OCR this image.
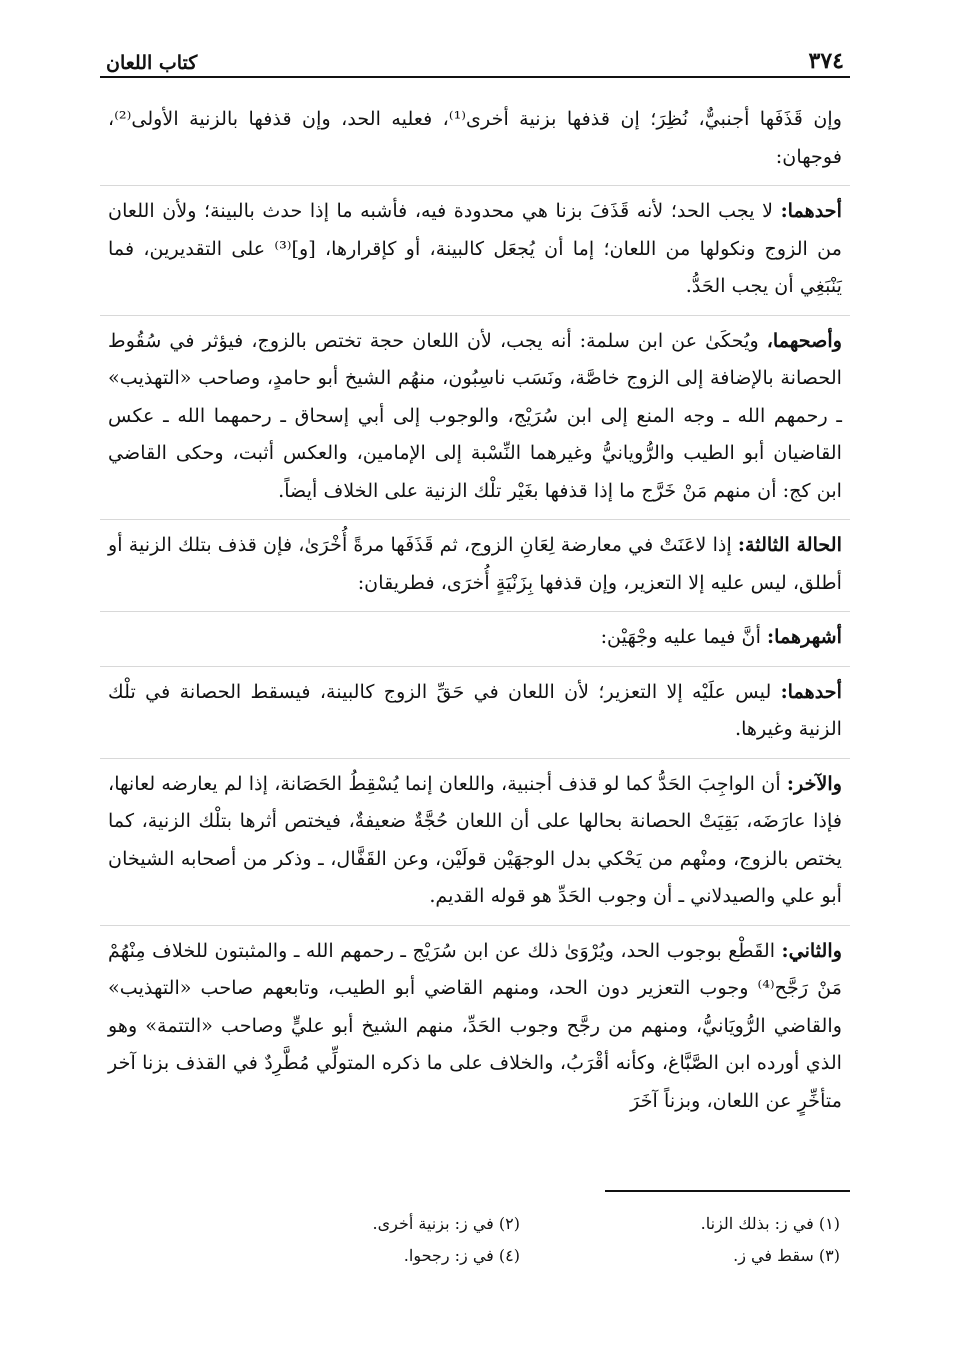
٣٧٤
كتاب اللعان

وإن قَذَفَها أجنبيٌّ، نُظِرَ؛ إن قذفها بزنية أخرى⁽¹⁾، فعليه الحد، وإن قذفها بالزنية الأولى⁽²⁾، فوجهان:

أحدهما: لا يجب الحد؛ لأنه قَذَفَ بزنا هي محدودة فيه، فأشبه ما إذا حدث بالبينة؛ ولأن اللعان من الزوج ونكولها من اللعان؛ إما أن يُجعَل كالبينة، أو كإقرارها، [و]⁽³⁾ على التقديرين، فما يَنْبَغِي أن يجب الحَدُّ.

وأصحهما، ويُحكَىٰ عن ابن سلمة: أنه يجب، لأن اللعان حجة تختص بالزوج، فيؤثر في سُقُوط الحصانة بالإضافة إلى الزوج خاصَّة، ونَسَب ناسِبُون، منهُم الشيخ أبو حامدٍ، وصاحب «التهذيب» ـ رحمهم الله ـ وجه المنع إلى ابن سُرَيْج، والوجوب إلى أبي إسحاق ـ رحمهما الله ـ عكس القاضيان أبو الطيب والرُّويانيُّ وغيرهما النِّسْبة إلى الإمامين، والعكس أثبت، وحكى القاضي ابن كج: أن منهم مَنْ خَرَّج ما إذا قذفها بغَيْر تلْك الزنية على الخلاف أيضاً.

الحالة الثالثة: إذا لاعَنَتْ في معارضة لِعَانِ الزوج، ثم قَذَفَها مرةً أُخْرَىٰ، فإن قذف بتلك الزنية أو أطلق، ليس عليه إلا التعزير، وإن قذفها بِزَنْيَةٍ أُخرَى، فطريقان:

أشهرهما: أنَّ فيما عليه وجْهَيْن:

أحدهما: ليس علَيْه إلا التعزير؛ لأن اللعان في حَقِّ الزوج كالبينة، فيسقط الحصانة في تلْك الزنية وغيرها.

والآخر: أن الواجِبَ الحَدُّ كما لو قذف أجنبية، واللعان إنما يُسْقِطُ الحَصَانة، إذا لم يعارضه لعانها، فإذا عارَضَه، بَقِيَتْ الحصانة بحالها على أن اللعان حُجَّةٌ ضعيفةٌ، فيختص أثرها بتلْك الزنية، كما يختص بالزوج، ومنْهم من يَحْكي بدل الوجهَيْن قولَيْن، وعن القَفَّال، ـ وذكر من أصحابه الشيخان أبو علي والصيدلاني ـ أن وجوب الحَدِّ هو قوله القديم.

والثاني: القَطْع بوجوب الحد، ويُرْوَىٰ ذلك عن ابن سُرَيْج ـ رحمهم الله ـ والمثبتون للخلاف مِنْهُمْ مَنْ رَجَّح⁽⁴⁾ وجوب التعزير دون الحد، ومنهم القاضي أبو الطيب، وتابعهم صاحب «التهذيب» والقاضي الرُّويَانيُّ، ومنهم من رجَّح وجوب الحَدِّ، منهم الشيخ أبو عليٍّ وصاحب «التتمة» وهو الذي أورده ابن الصَّبَّاغ، وكأنه أقْرَبُ، والخلاف على ما ذكره المتولِّي مُطَّرِدٌ في القذف بزنا آخر متأخِّرٍ عن اللعان، وبزناً آخَرَ

(١) في ز: بذلك الزنا.
(٢) في ز: بزنية أخرى.
(٣) سقط في ز.
(٤) في ز: رجحوا.
